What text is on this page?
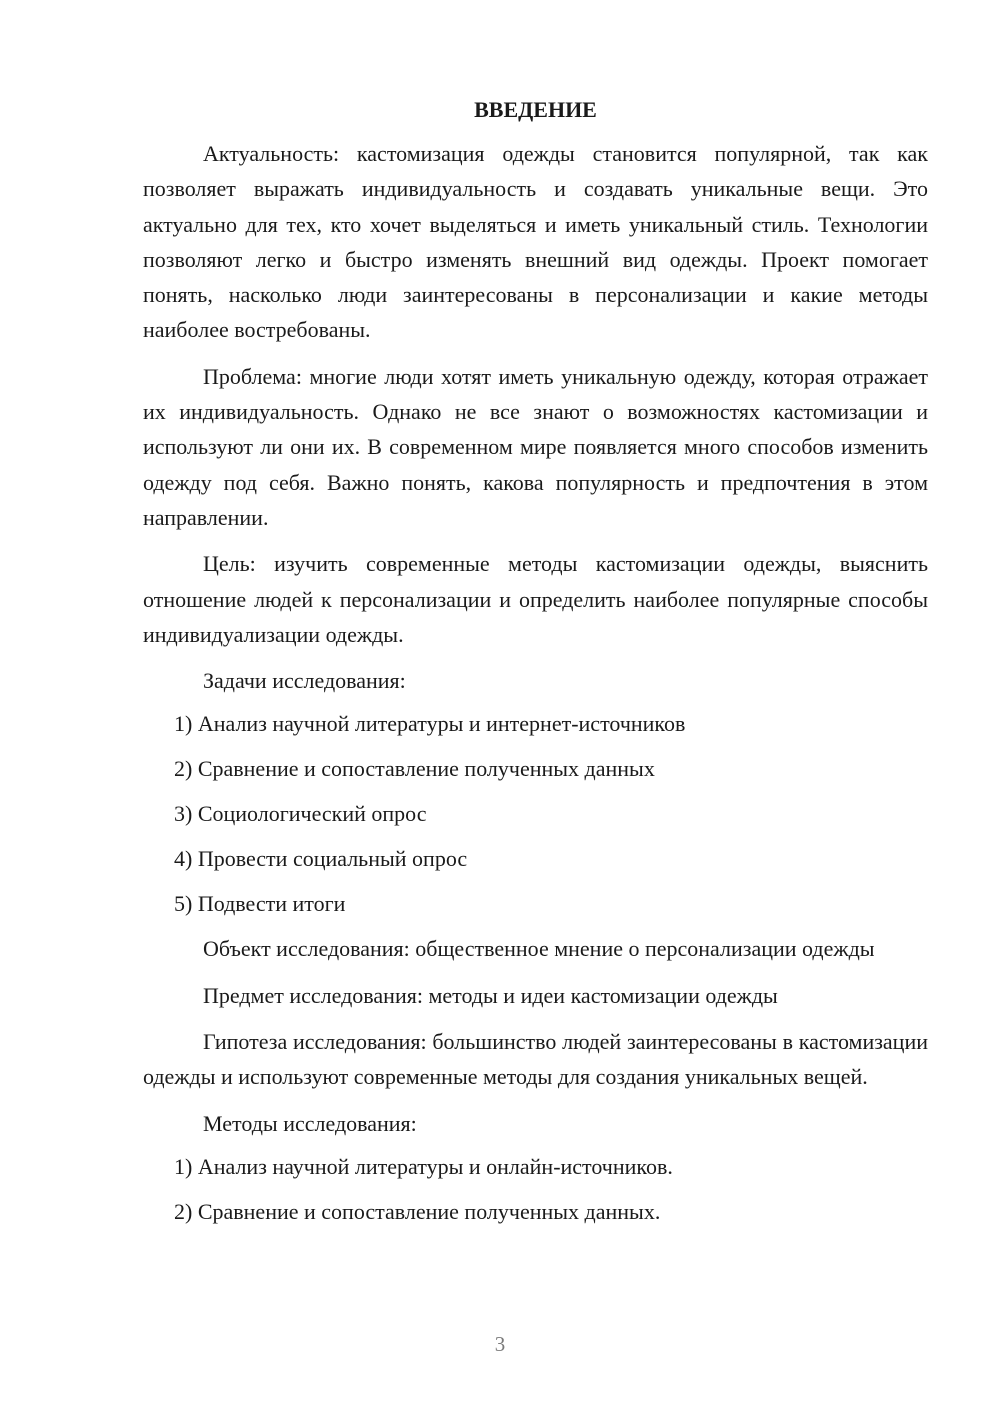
ВВЕДЕНИЕ

Актуальность: кастомизация одежды становится популярной, так как позволяет выражать индивидуальность и создавать уникальные вещи. Это актуально для тех, кто хочет выделяться и иметь уникальный стиль. Технологии позволяют легко и быстро изменять внешний вид одежды. Проект помогает понять, насколько люди заинтересованы в персонализации и какие методы наиболее востребованы.

Проблема: многие люди хотят иметь уникальную одежду, которая отражает их индивидуальность. Однако не все знают о возможностях кастомизации и используют ли они их. В современном мире появляется много способов изменить одежду под себя. Важно понять, какова популярность и предпочтения в этом направлении.

Цель: изучить современные методы кастомизации одежды, выяснить отношение людей к персонализации и определить наиболее популярные способы индивидуализации одежды.

Задачи исследования:

1) Анализ научной литературы и интернет-источников
2) Сравнение и сопоставление полученных данных
3) Социологический опрос
4) Провести социальный опрос
5) Подвести итоги

Объект исследования: общественное мнение о персонализации одежды

Предмет исследования: методы и идеи кастомизации одежды

Гипотеза исследования: большинство людей заинтересованы в кастомизации одежды и используют современные методы для создания уникальных вещей.

Методы исследования:

1) Анализ научной литературы и онлайн-источников.
2) Сравнение и сопоставление полученных данных.
3
